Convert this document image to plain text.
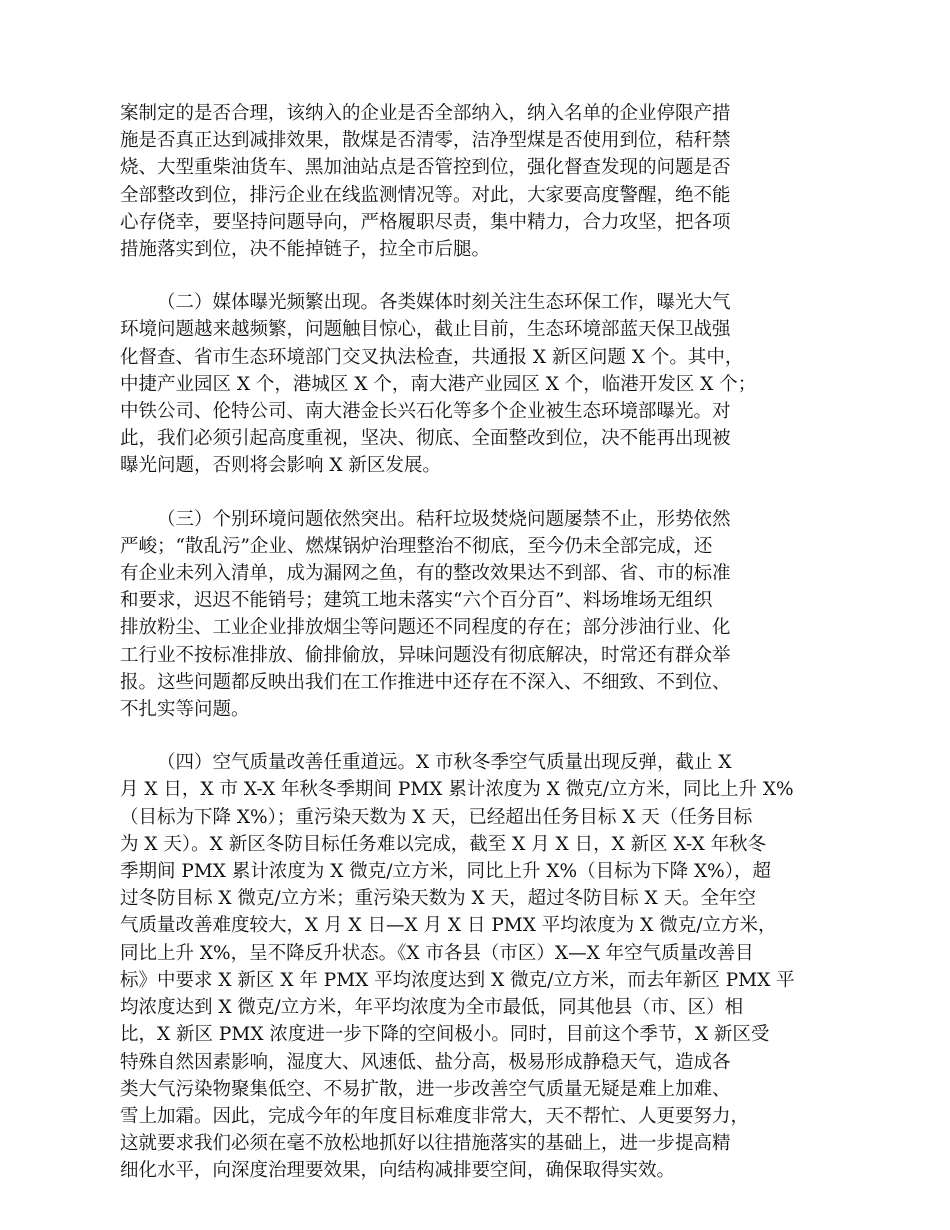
案制定的是否合理，该纳入的企业是否全部纳入，纳入名单的企业停限产措
施是否真正达到减排效果，散煤是否清零，洁净型煤是否使用到位，秸秆禁
烧、大型重柴油货车、黑加油站点是否管控到位，强化督查发现的问题是否
全部整改到位，排污企业在线监测情况等。对此，大家要高度警醒，绝不能
心存侥幸，要坚持问题导向，严格履职尽责，集中精力，合力攻坚，把各项
措施落实到位，决不能掉链子，拉全市后腿。

（二）媒体曝光频繁出现。各类媒体时刻关注生态环保工作，曝光大气
环境问题越来越频繁，问题触目惊心，截止目前，生态环境部蓝天保卫战强
化督查、省市生态环境部门交叉执法检查，共通报 X 新区问题 X 个。其中，
中捷产业园区 X 个，港城区 X 个，南大港产业园区 X 个，临港开发区 X 个；
中铁公司、伦特公司、南大港金长兴石化等多个企业被生态环境部曝光。对
此，我们必须引起高度重视，坚决、彻底、全面整改到位，决不能再出现被
曝光问题，否则将会影响 X 新区发展。

（三）个别环境问题依然突出。秸秆垃圾焚烧问题屡禁不止，形势依然
严峻；“散乱污”企业、燃煤锅炉治理整治不彻底，至今仍未全部完成，还
有企业未列入清单，成为漏网之鱼，有的整改效果达不到部、省、市的标准
和要求，迟迟不能销号；建筑工地未落实“六个百分百”、料场堆场无组织
排放粉尘、工业企业排放烟尘等问题还不同程度的存在；部分涉油行业、化
工行业不按标准排放、偷排偷放，异味问题没有彻底解决，时常还有群众举
报。这些问题都反映出我们在工作推进中还存在不深入、不细致、不到位、
不扎实等问题。

（四）空气质量改善任重道远。X 市秋冬季空气质量出现反弹，截止 X
月 X 日，X 市 X-X 年秋冬季期间 PMX 累计浓度为 X 微克/立方米，同比上升 X%
（目标为下降 X%）；重污染天数为 X 天，已经超出任务目标 X 天（任务目标
为 X 天）。X 新区冬防目标任务难以完成，截至 X 月 X 日，X 新区 X-X 年秋冬
季期间 PMX 累计浓度为 X 微克/立方米，同比上升 X%（目标为下降 X%），超
过冬防目标 X 微克/立方米；重污染天数为 X 天，超过冬防目标 X 天。全年空
气质量改善难度较大，X 月 X 日—X 月 X 日 PMX 平均浓度为 X 微克/立方米，
同比上升 X%，呈不降反升状态。《X 市各县（市区）X—X 年空气质量改善目
标》中要求 X 新区 X 年 PMX 平均浓度达到 X 微克/立方米，而去年新区 PMX 平
均浓度达到 X 微克/立方米，年平均浓度为全市最低，同其他县（市、区）相
比，X 新区 PMX 浓度进一步下降的空间极小。同时，目前这个季节，X 新区受
特殊自然因素影响，湿度大、风速低、盐分高，极易形成静稳天气，造成各
类大气污染物聚集低空、不易扩散，进一步改善空气质量无疑是难上加难、
雪上加霜。因此，完成今年的年度目标难度非常大，天不帮忙、人更要努力，
这就要求我们必须在毫不放松地抓好以往措施落实的基础上，进一步提高精
细化水平，向深度治理要效果，向结构减排要空间，确保取得实效。
